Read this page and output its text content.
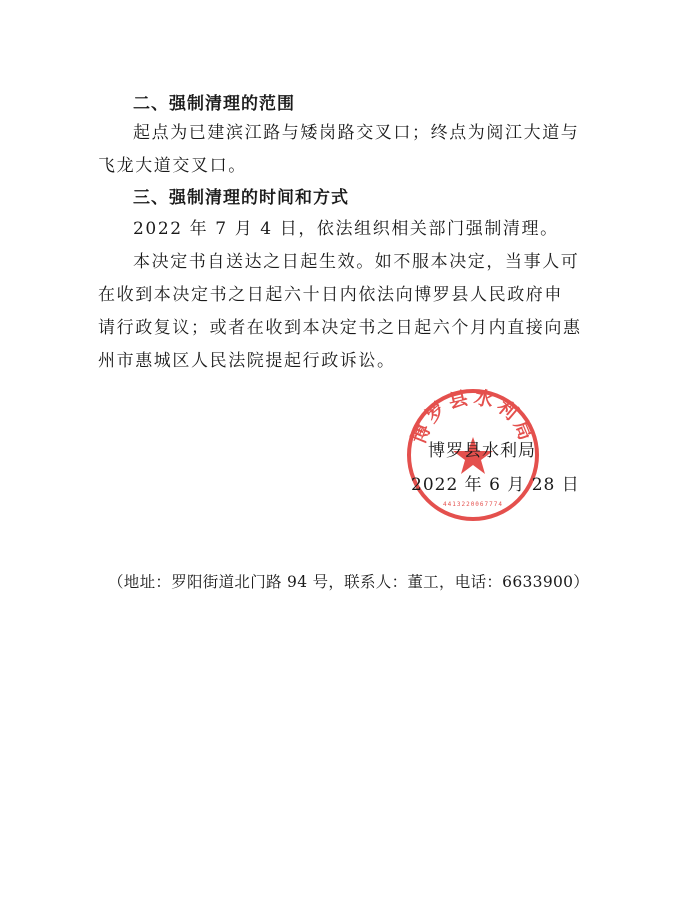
二、强制清理的范围
起点为已建滨江路与矮岗路交叉口；终点为阅江大道与
飞龙大道交叉口。
三、强制清理的时间和方式
2022 年 7 月 4 日，依法组织相关部门强制清理。
本决定书自送达之日起生效。如不服本决定，当事人可
在收到本决定书之日起六十日内依法向博罗县人民政府申
请行政复议；或者在收到本决定书之日起六个月内直接向惠
州市惠城区人民法院提起行政诉讼。
博罗县水利局
4413220067774
博罗县水利局
2022 年 6 月 28 日
（地址：罗阳街道北门路 94 号，联系人：董工，电话：6633900）
